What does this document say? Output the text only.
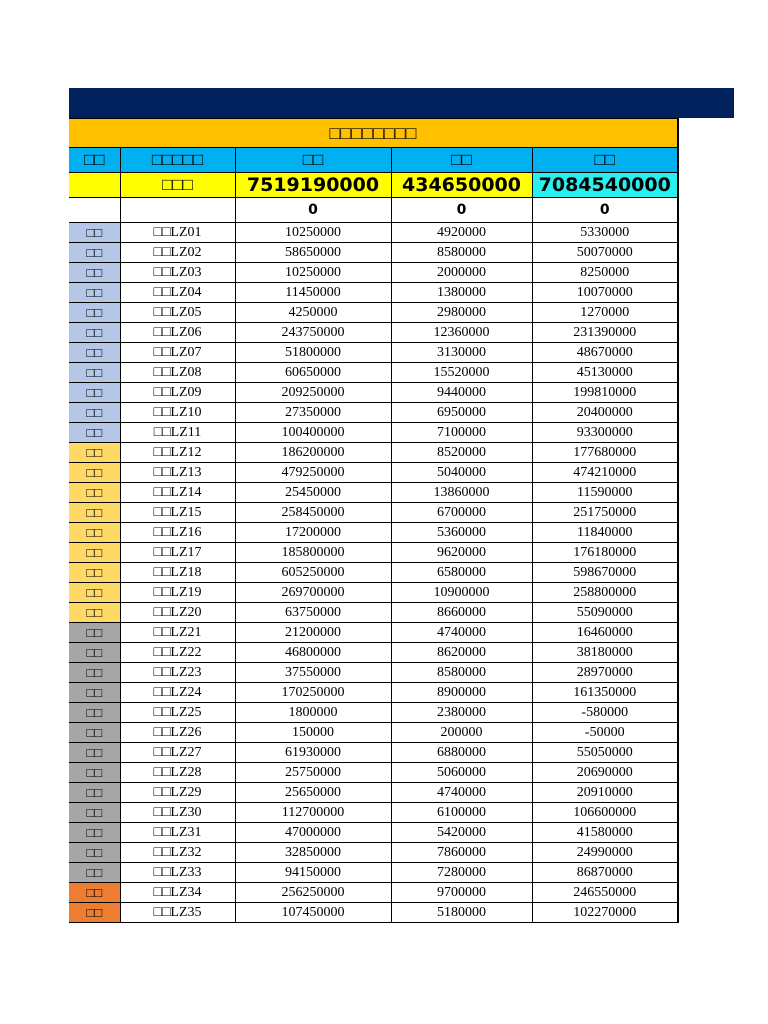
□□□□□□□□				
□□	□□□□□	□□	□□	□□
	□□□	7519190000	434650000	7084540000
		0	0	0
□□	□□LZ01	10250000	4920000	5330000
□□	□□LZ02	58650000	8580000	50070000
□□	□□LZ03	10250000	2000000	8250000
□□	□□LZ04	11450000	1380000	10070000
□□	□□LZ05	4250000	2980000	1270000
□□	□□LZ06	243750000	12360000	231390000
□□	□□LZ07	51800000	3130000	48670000
□□	□□LZ08	60650000	15520000	45130000
□□	□□LZ09	209250000	9440000	199810000
□□	□□LZ10	27350000	6950000	20400000
□□	□□LZ11	100400000	7100000	93300000
□□	□□LZ12	186200000	8520000	177680000
□□	□□LZ13	479250000	5040000	474210000
□□	□□LZ14	25450000	13860000	11590000
□□	□□LZ15	258450000	6700000	251750000
□□	□□LZ16	17200000	5360000	11840000
□□	□□LZ17	185800000	9620000	176180000
□□	□□LZ18	605250000	6580000	598670000
□□	□□LZ19	269700000	10900000	258800000
□□	□□LZ20	63750000	8660000	55090000
□□	□□LZ21	21200000	4740000	16460000
□□	□□LZ22	46800000	8620000	38180000
□□	□□LZ23	37550000	8580000	28970000
□□	□□LZ24	170250000	8900000	161350000
□□	□□LZ25	1800000	2380000	-580000
□□	□□LZ26	150000	200000	-50000
□□	□□LZ27	61930000	6880000	55050000
□□	□□LZ28	25750000	5060000	20690000
□□	□□LZ29	25650000	4740000	20910000
□□	□□LZ30	112700000	6100000	106600000
□□	□□LZ31	47000000	5420000	41580000
□□	□□LZ32	32850000	7860000	24990000
□□	□□LZ33	94150000	7280000	86870000
□□	□□LZ34	256250000	9700000	246550000
□□	□□LZ35	107450000	5180000	102270000
